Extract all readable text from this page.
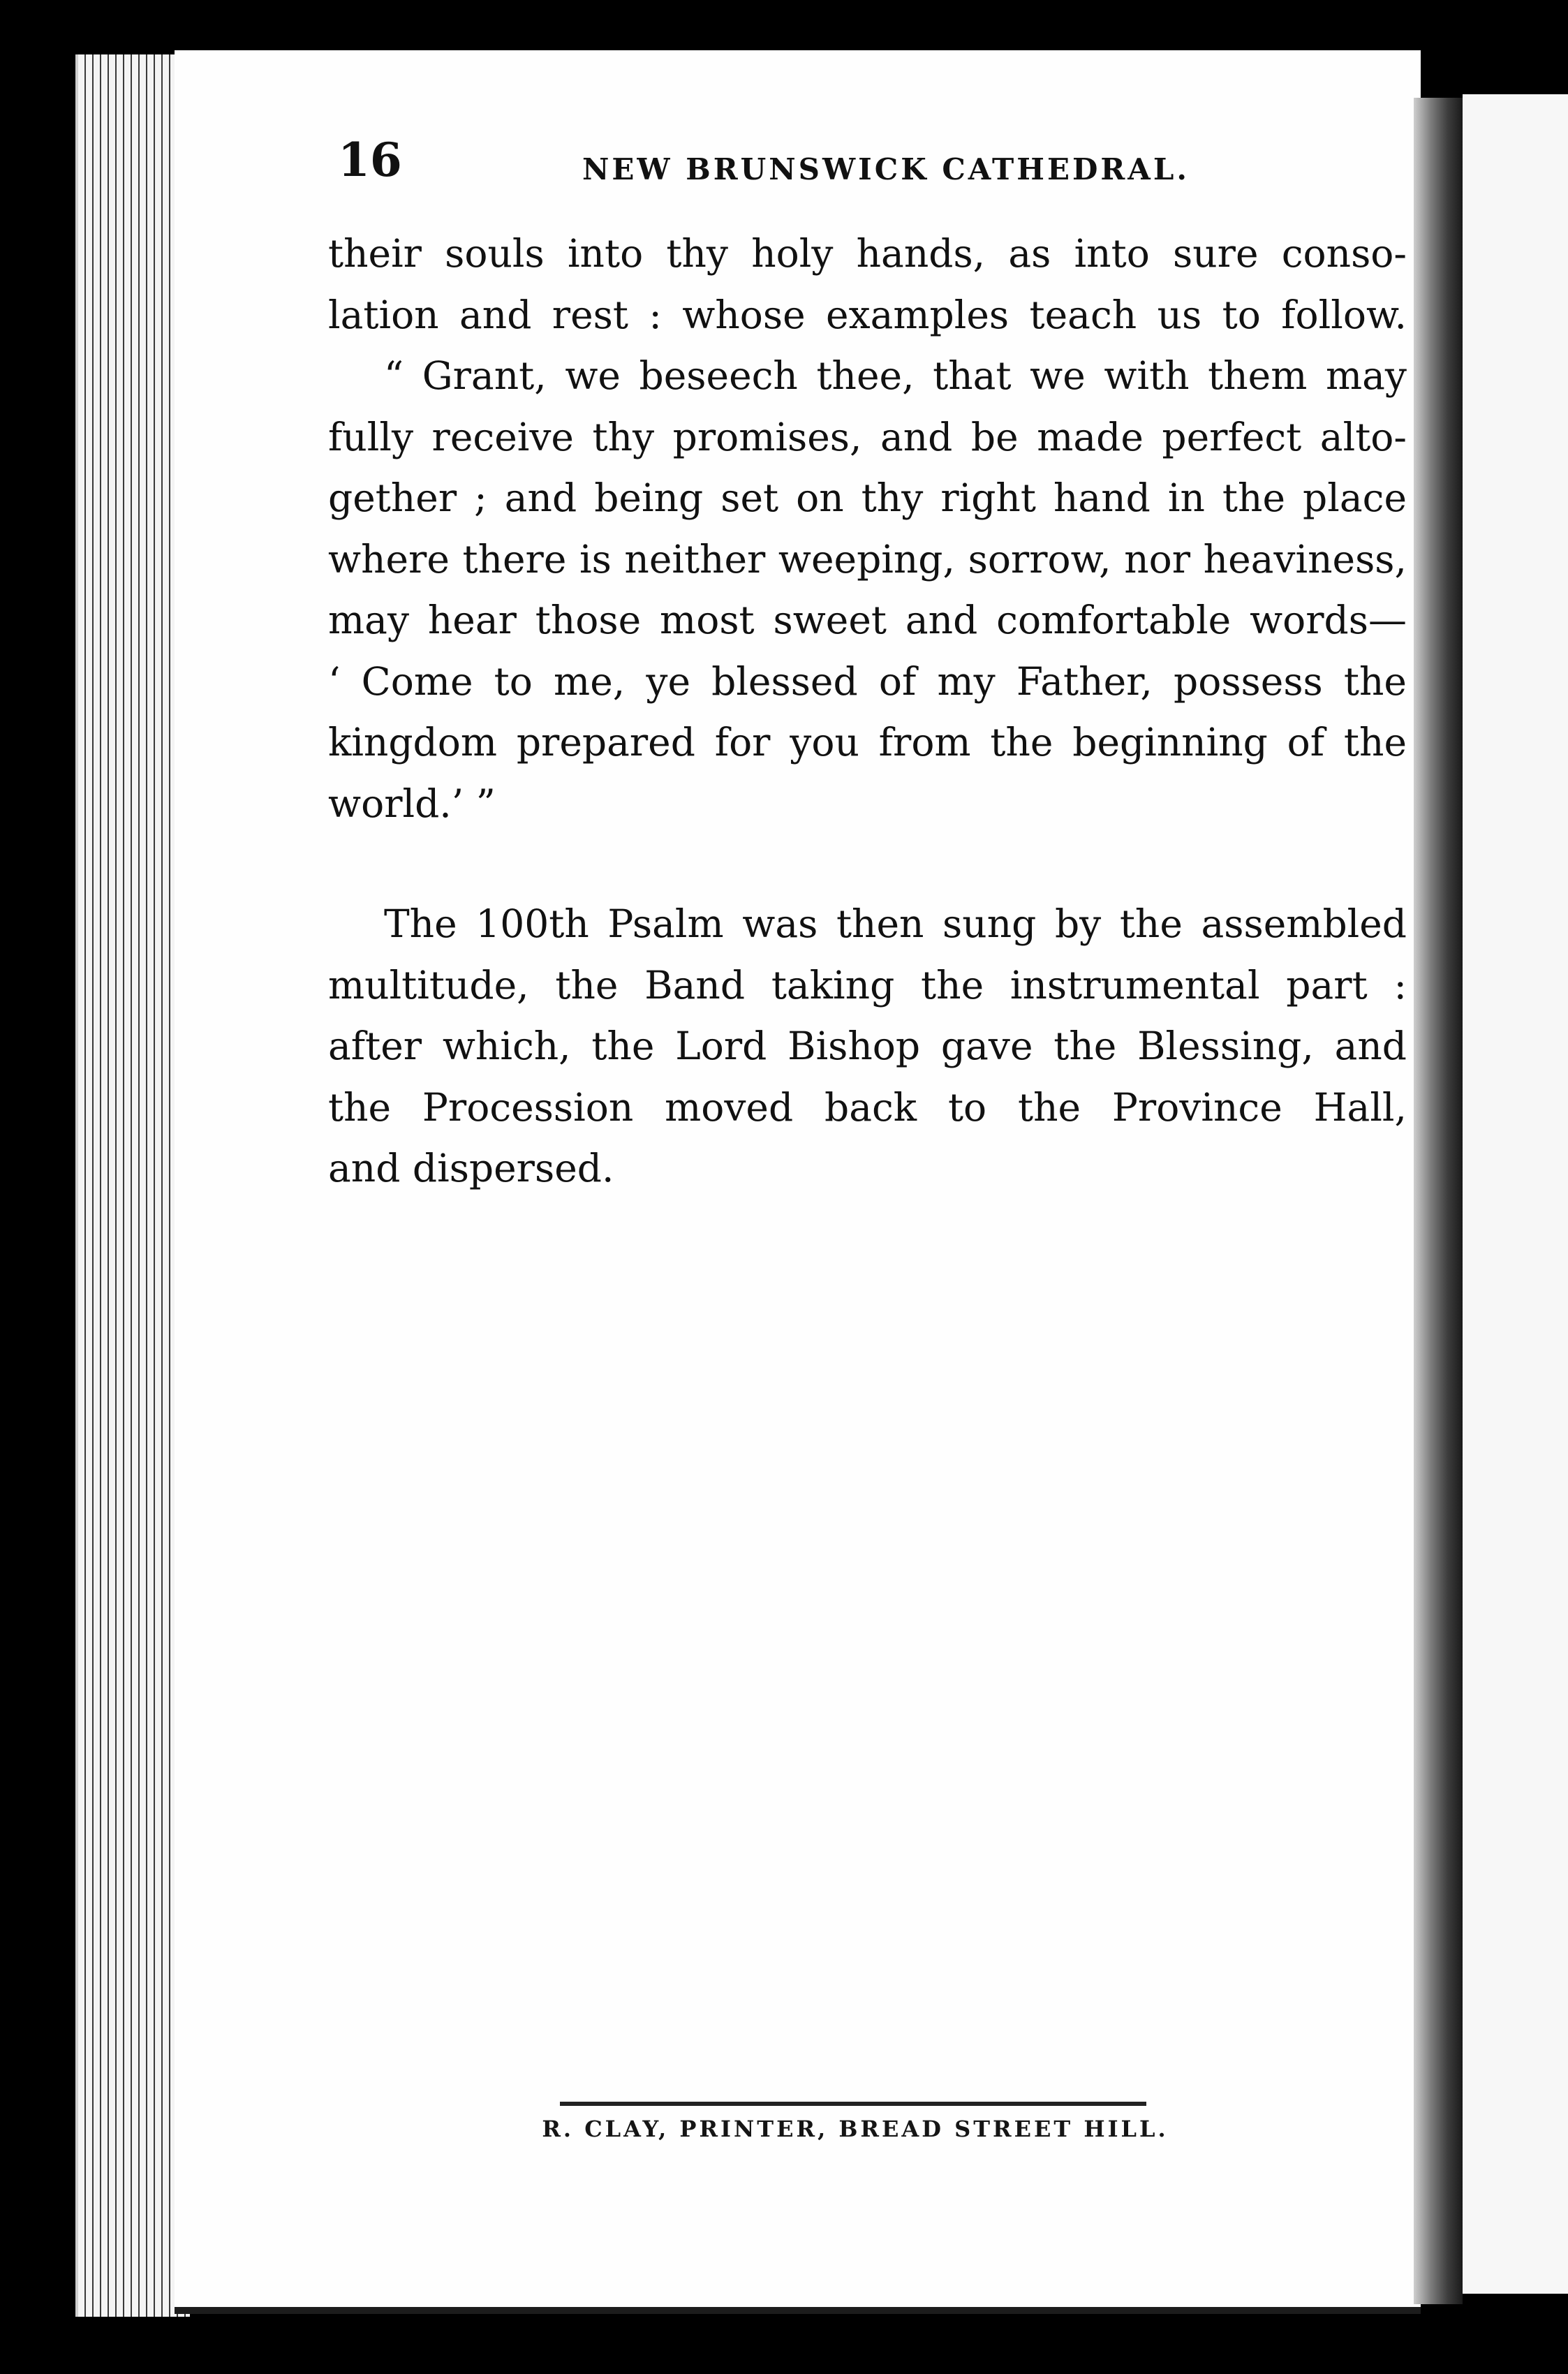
16	NEW BRUNSWICK CATHEDRAL.
their souls into thy holy hands, as into sure conso-
lation and rest : whose examples teach us to follow.
“ Grant, we beseech thee, that we with them may
fully receive thy promises, and be made perfect alto-
gether ; and being set on thy right hand in the place
where there is neither weeping, sorrow, nor heaviness,
may hear those most sweet and comfortable words—
‘ Come to me, ye blessed of my Father, possess the
kingdom prepared for you from the beginning of the
world.’ ”
The 100th Psalm was then sung by the assembled
multitude, the Band taking the instrumental part :
after which, the Lord Bishop gave the Blessing, and
the Procession moved back to the Province Hall,
and dispersed.
R. CLAY, PRINTER, BREAD STREET HILL.
